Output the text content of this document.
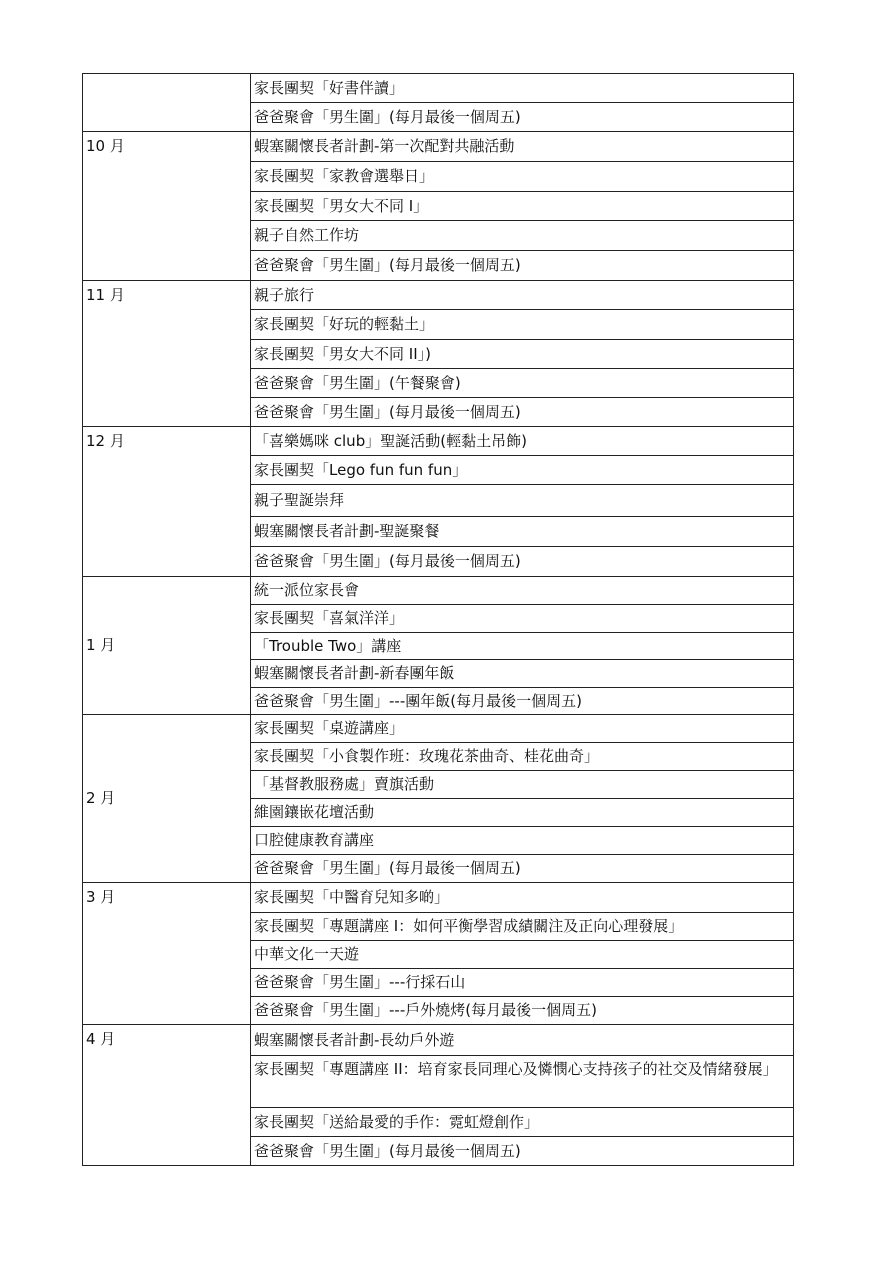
	家長團契「好書伴讀」
	爸爸聚會「男生圍」(每月最後一個周五)
10 月	蝦塞關懷長者計劃-第一次配對共融活動
	家長團契「家教會選舉日」
	家長團契「男女大不同 I」
	親子自然工作坊
	爸爸聚會「男生圍」(每月最後一個周五)
11 月	親子旅行
	家長團契「好玩的輕黏土」
	家長團契「男女大不同 II」)
	爸爸聚會「男生圍」(午餐聚會)
	爸爸聚會「男生圍」(每月最後一個周五)
12 月	「喜樂媽咪 club」聖誕活動(輕黏土吊飾)
	家長團契「Lego fun fun fun」
	親子聖誕崇拜
	蝦塞關懷長者計劃-聖誕聚餐
	爸爸聚會「男生圍」(每月最後一個周五)
1 月	統一派位家長會
	家長團契「喜氣洋洋」
	「Trouble Two」講座
	蝦塞關懷長者計劃-新春團年飯
	爸爸聚會「男生圍」---團年飯(每月最後一個周五)
2 月	家長團契「桌遊講座」
	家長團契「小食製作班：玫瑰花茶曲奇、桂花曲奇」
	「基督教服務處」賣旗活動
	維園鑲嵌花壇活動
	口腔健康教育講座
	爸爸聚會「男生圍」(每月最後一個周五)
3 月	家長團契「中醫育兒知多啲」
	家長團契「專題講座 I：如何平衡學習成績關注及正向心理發展」
	中華文化一天遊
	爸爸聚會「男生圍」---行採石山
	爸爸聚會「男生圍」---戶外燒烤(每月最後一個周五)
4 月	蝦塞關懷長者計劃-長幼戶外遊
	家長團契「專題講座 II：培育家長同理心及憐憫心支持孩子的社交及情緒發展」
	家長團契「送給最愛的手作：霓虹燈創作」
	爸爸聚會「男生圍」(每月最後一個周五)
